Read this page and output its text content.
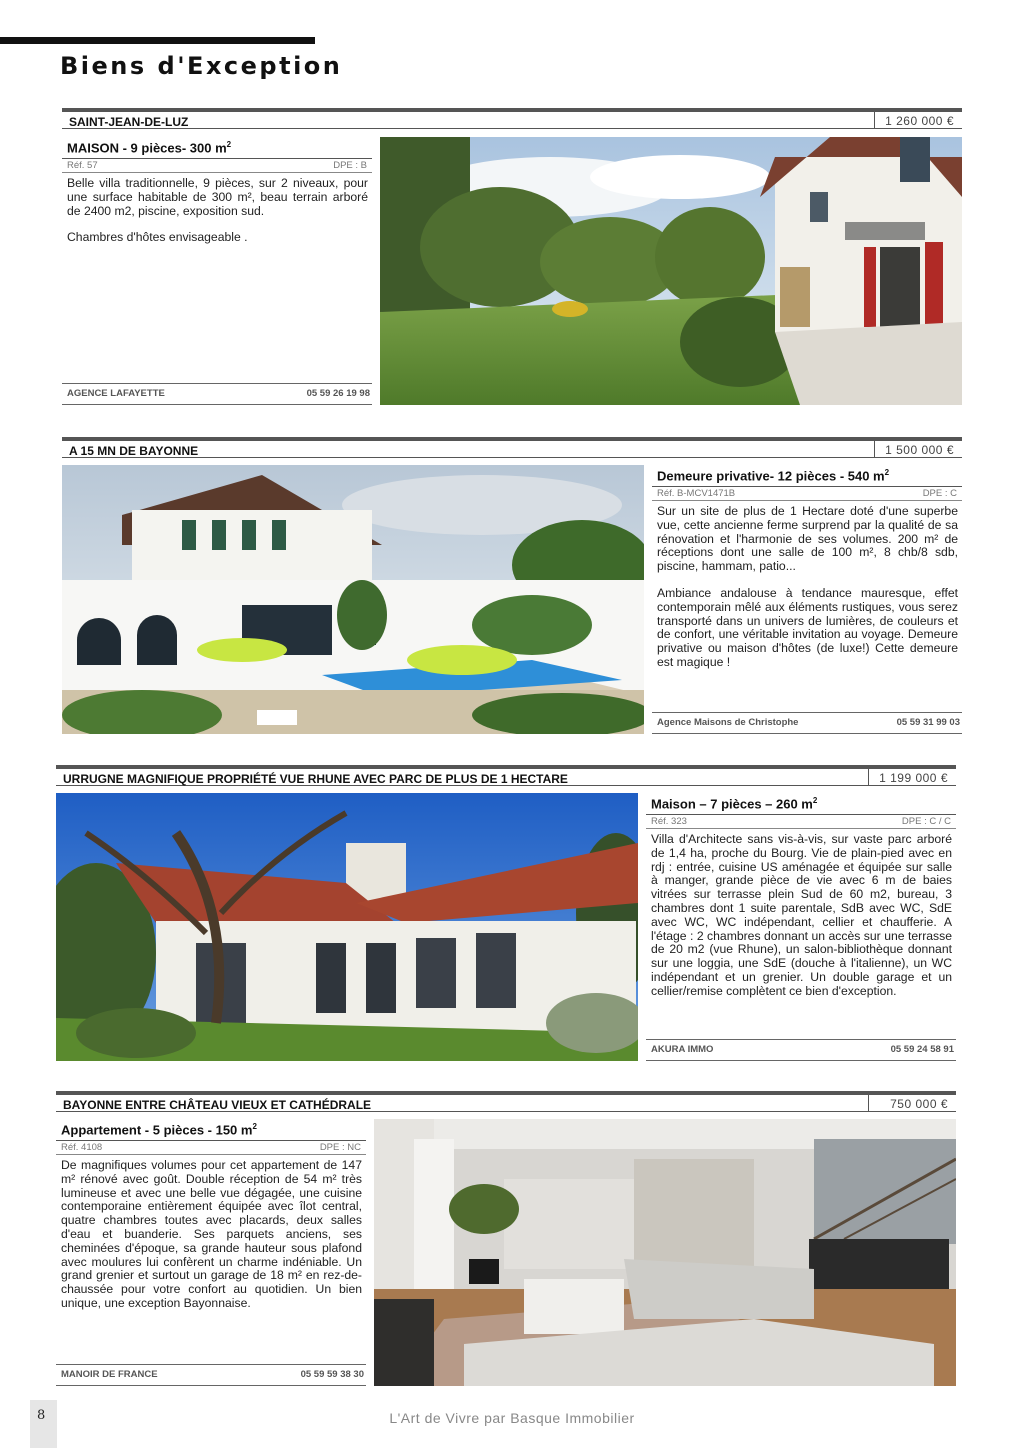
Biens d'Exception
SAINT-JEAN-DE-LUZ	1 260 000 €
MAISON - 9 pièces- 300 $m^2$
Réf. 57	DPE : B

Belle villa traditionnelle, 9 pièces, sur 2 niveaux, pour une surface habitable de 300 m², beau terrain arboré de 2400 m2, piscine, exposition sud.

Chambres d'hôtes envisageable .

AGENCE LAFAYETTE	05 59 26 19 98
A 15 MN DE BAYONNE	1 500 000 €
Demeure privative- 12 pièces - 540 $m^2$
Réf. B-MCV1471B	DPE : C

Sur un site de plus de 1 Hectare doté d'une superbe vue, cette ancienne ferme surprend par la qualité de sa rénovation et l'harmonie de ses volumes. 200 m² de réceptions dont une salle de 100 m², 8 chb/8 sdb, piscine, hammam, patio...

Ambiance andalouse à tendance mauresque, effet contemporain mêlé aux éléments rustiques, vous serez transporté dans un univers de lumières, de couleurs et de confort, une véritable invitation au voyage. Demeure privative ou maison d'hôtes (de luxe!) Cette demeure est magique !

Agence Maisons de Christophe	05 59 31 99 03
URRUGNE MAGNIFIQUE PROPRIÉTÉ VUE RHUNE AVEC PARC DE PLUS DE 1 HECTARE	1 199 000 €
Maison – 7 pièces – 260 $m^2$
Réf. 323	DPE : C / C

Villa d'Architecte sans vis-à-vis, sur vaste parc arboré de 1,4 ha, proche du Bourg. Vie de plain-pied avec en rdj : entrée, cuisine US aménagée et équipée sur salle à manger, grande pièce de vie avec 6 m de baies vitrées sur terrasse plein Sud de 60 m2, bureau, 3 chambres dont 1 suite parentale, SdB avec WC, SdE avec WC, WC indépendant, cellier et chaufferie. A l'étage : 2 chambres donnant un accès sur une terrasse de 20 m2 (vue Rhune), un salon-bibliothèque donnant sur une loggia, une SdE (douche à l'italienne), un WC indépendant et un grenier. Un double garage et un cellier/remise complètent ce bien d'exception.

AKURA IMMO	05 59 24 58 91
BAYONNE ENTRE CHÂTEAU VIEUX ET CATHÉDRALE	750 000 €
Appartement - 5 pièces - 150 $m^2$
Réf. 4108	DPE : NC

De magnifiques volumes pour cet appartement de 147 m² rénové avec goût. Double réception de 54 m² très lumineuse et avec une belle vue dégagée, une cuisine contemporaine entièrement équipée avec îlot central, quatre chambres toutes avec placards, deux salles d'eau et buanderie. Ses parquets anciens, ses cheminées d'époque, sa grande hauteur sous plafond avec moulures lui confèrent un charme indéniable. Un grand grenier et surtout un garage de 18 m² en rez-de-chaussée pour votre confort au quotidien. Un bien unique, une exception Bayonnaise.

MANOIR DE FRANCE	05 59 59 38 30
8	L'Art de Vivre par Basque Immobilier
